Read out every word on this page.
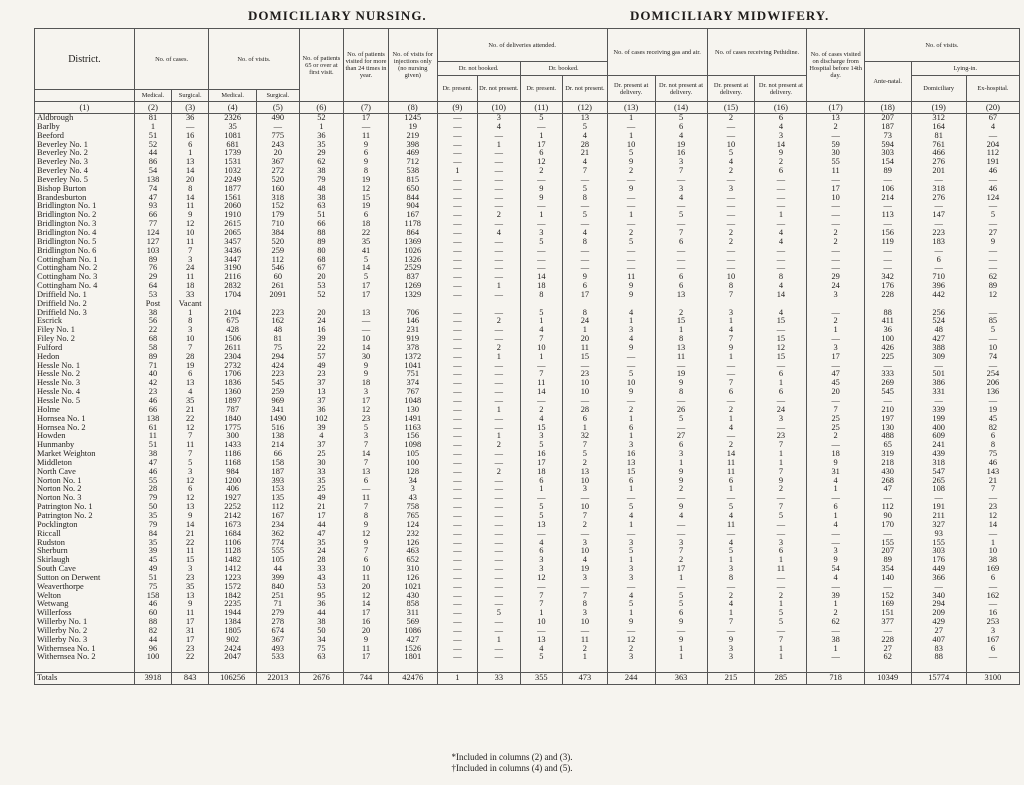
DOMICILIARY NURSING.	DOMICILIARY MIDWIFERY.
District.	No. of cases.		No. of visits.		No. of patients 65 or over at first visit.	No. of patients visited for more than 24 times in year.	No. of visits for injections only (no nursing given)	No. of deliveries attended.				No. of cases receiving gas and air.		No. of cases receiving Pethidine.		No. of cases visited on discharge from Hospital before 14th day.	No. of visits.		
								Dr. not booked.		Dr. booked.							Ante-natal.	Lying-in.	
								Dr. present.	Dr. not present.	Dr. present.	Dr. not present.	Dr. present at delivery.	Dr. not present at delivery.	Dr. present at delivery.	Dr. not present at delivery.			Domiciliary	Ex-hospital.
	Medical.	Surgical.	Medical.	Surgical.															
(1)	(2)	(3)	(4)	(5)	(6)	(7)	(8)	(9)	(10)	(11)	(12)	(13)	(14)	(15)	(16)	(17)	(18)	(19)	(20)
Aldbrough	81	36	2326	490	52	17	1245	—	3	5	13	1	5	2	6	13	207	312	67
Barlby	1	—	35	—	1	—	19	—	4	—	5	—	6	—	4	2	187	164	4
Beeford	51	16	1081	775	36	11	219	—	—	1	4	1	4	—	3	—	73	81	—
Beverley No. 1	52	6	681	243	35	9	398	—	1	17	28	10	19	10	14	59	594	761	204
Beverley No. 2	44	1	1739	20	29	6	469	—	—	6	21	5	16	5	9	30	303	466	112
Beverley No. 3	86	13	1531	367	62	9	712	—	—	12	4	9	3	4	2	55	154	276	191
Beverley No. 4	54	14	1032	272	38	8	538	1	—	2	7	2	7	2	6	11	89	201	46
Beverley No. 5	138	20	2249	520	79	19	815	—	—	—	—	—	—	—	—	—	—	—	—
Bishop Burton	74	8	1877	160	48	12	650	—	—	9	5	9	3	3	—	17	106	318	46
Brandesburton	47	14	1561	318	38	15	844	—	—	9	8	—	4	—	—	10	214	276	124
Bridlington No. 1	93	11	2060	152	63	19	904	—	—	—	—	—	—	—	—	—	—	—	—
Bridlington No. 2	66	9	1910	179	51	6	167	—	2	1	5	1	5	—	1	—	113	147	5
Bridlington No. 3	77	12	2615	710	66	18	1178	—	—	—	—	—	—	—	—	—	—	—	—
Bridlington No. 4	124	10	2065	384	88	22	864	—	4	3	4	2	7	2	4	2	156	223	27
Bridlington No. 5	127	11	3457	520	89	35	1369	—	—	5	8	5	6	2	4	2	119	183	9
Bridlington No. 6	103	7	3436	259	80	41	1026	—	—	—	—	—	—	—	—	—	—	—	—
Cottingham No. 1	89	3	3447	112	68	5	1326	—	—	—	—	—	—	—	—	—	—	6	—
Cottingham No. 2	76	24	3190	546	67	14	2529	—	—	—	—	—	—	—	—	—	—	—	—
Cottingham No. 3	29	11	2116	60	20	5	837	—	—	14	9	11	6	10	8	29	342	710	62
Cottingham No. 4	64	18	2832	261	53	17	1269	—	1	18	6	9	6	8	4	24	176	396	89
Driffield No. 1	53	33	1704	2091	52	17	1329	—	—	8	17	9	13	7	14	3	228	442	12
Driffield No. 2	Post	Vacant																	
Driffield No. 3	38	1	2104	223	20	13	706	—	—	5	8	4	2	3	4	—	88	256	—
Escrick	56	8	675	162	24	—	146	—	2	1	24	1	15	1	15	2	411	524	85
Filey No. 1	22	3	428	48	16	—	231	—	—	4	1	3	1	4	—	1	36	48	5
Filey No. 2	68	10	1506	81	39	10	919	—	—	7	20	4	8	7	15	—	100	427	—
Fulford	58	7	2611	75	22	14	378	—	2	10	11	9	13	9	12	3	426	388	10
Hedon	89	28	2304	294	57	30	1372	—	1	1	15	—	11	1	15	17	225	309	74
Hessle No. 1	71	19	2732	424	49	9	1041	—	—	—	—	—	—	—	—	—	—	—	—
Hessle No. 2	40	6	1706	223	23	9	751	—	—	7	23	5	19	—	6	47	333	501	254
Hessle No. 3	42	13	1836	545	37	18	374	—	—	11	10	10	9	7	1	45	269	386	206
Hessle No. 4	23	4	1360	259	13	3	767	—	—	14	10	9	8	6	6	20	545	331	136
Hessle No. 5	46	35	1897	969	37	17	1048	—	—	—	—	—	—	—	—	—	—	—	—
Holme	66	21	787	341	36	12	130	—	1	2	28	2	26	2	24	7	210	339	19
Hornsea No. 1	138	22	1840	1490	102	23	1491	—	—	4	6	1	5	1	3	25	197	199	45
Hornsea No. 2	61	12	1775	516	39	5	1163	—	—	15	1	6	—	4	—	25	130	400	82
Howden	11	7	300	138	4	3	156	—	1	3	32	1	27	—	23	2	488	609	6
Hunmanby	51	11	1433	214	37	7	1098	—	2	5	7	3	6	2	7	—	65	241	8
Market Weighton	38	7	1186	66	25	14	105	—	—	16	5	16	3	14	1	18	319	439	75
Middleton	47	5	1168	158	30	7	100	—	—	17	2	13	1	11	1	9	218	318	46
North Cave	46	3	984	187	33	13	128	—	2	18	13	15	9	11	7	31	430	547	143
Norton No. 1	55	12	1200	393	35	6	34	—	—	6	10	6	9	6	9	4	268	265	21
Norton No. 2	28	6	406	153	25	—	3	—	—	1	3	1	2	1	2	1	47	108	7
Norton No. 3	79	12	1927	135	49	11	43	—	—	—	—	—	—	—	—	—	—	—	—
Patrington No. 1	50	13	2252	112	21	7	758	—	—	5	10	5	9	5	7	6	112	191	23
Patrington No. 2	35	9	2142	167	17	8	765	—	—	5	7	4	4	4	5	1	90	211	12
Pocklington	79	14	1673	234	44	9	124	—	—	13	2	1	—	11	—	4	170	327	14
Riccall	84	21	1684	362	47	12	232	—	—	—	—	—	—	—	—	—	—	93	—
Rudston	35	22	1106	774	35	9	126	—	—	4	3	3	3	4	3	—	155	155	1
Sherburn	39	11	1128	555	24	7	463	—	—	6	10	5	7	5	6	3	207	303	10
Skirlaugh	45	15	1482	105	28	6	652	—	—	3	4	1	2	1	1	9	89	176	38
South Cave	49	3	1412	44	33	10	310	—	—	3	19	3	17	3	11	54	354	449	169
Sutton on Derwent	51	23	1223	399	43	11	126	—	—	12	3	3	1	8	—	4	140	366	6
Weaverthorpe	75	35	1572	840	53	20	1021	—	—	—	—	—	—	—	—	—	—	—	—
Welton	158	13	1842	251	95	12	430	—	—	7	7	4	5	2	2	39	152	340	162
Wetwang	46	9	2235	71	36	14	858	—	—	7	8	5	5	4	1	1	169	294	—
Willerfoss	60	11	1944	279	44	17	311	—	5	1	3	1	6	1	5	2	151	209	16
Willerby No. 1	88	17	1384	278	38	16	569	—	—	10	10	9	9	7	5	62	377	429	253
Willerby No. 2	82	31	1805	674	50	20	1086	—	—	—	—	—	—	—	—	—	—	27	3
Willerby No. 3	44	17	902	367	34	9	427	—	1	13	11	12	9	9	7	38	228	407	167
Withernsea No. 1	96	23	2424	493	75	11	1526	—	—	4	2	2	1	3	1	1	27	83	6
Withernsea No. 2	100	22	2047	533	63	17	1801	—	—	5	1	3	1	3	1	—	62	88	—

Totals	3918	843	106256	22013	2676	744	42476	1	33	355	473	244	363	215	285	718	10349	15774	3100
*Included in columns (2) and (3).
†Included in columns (4) and (5).
